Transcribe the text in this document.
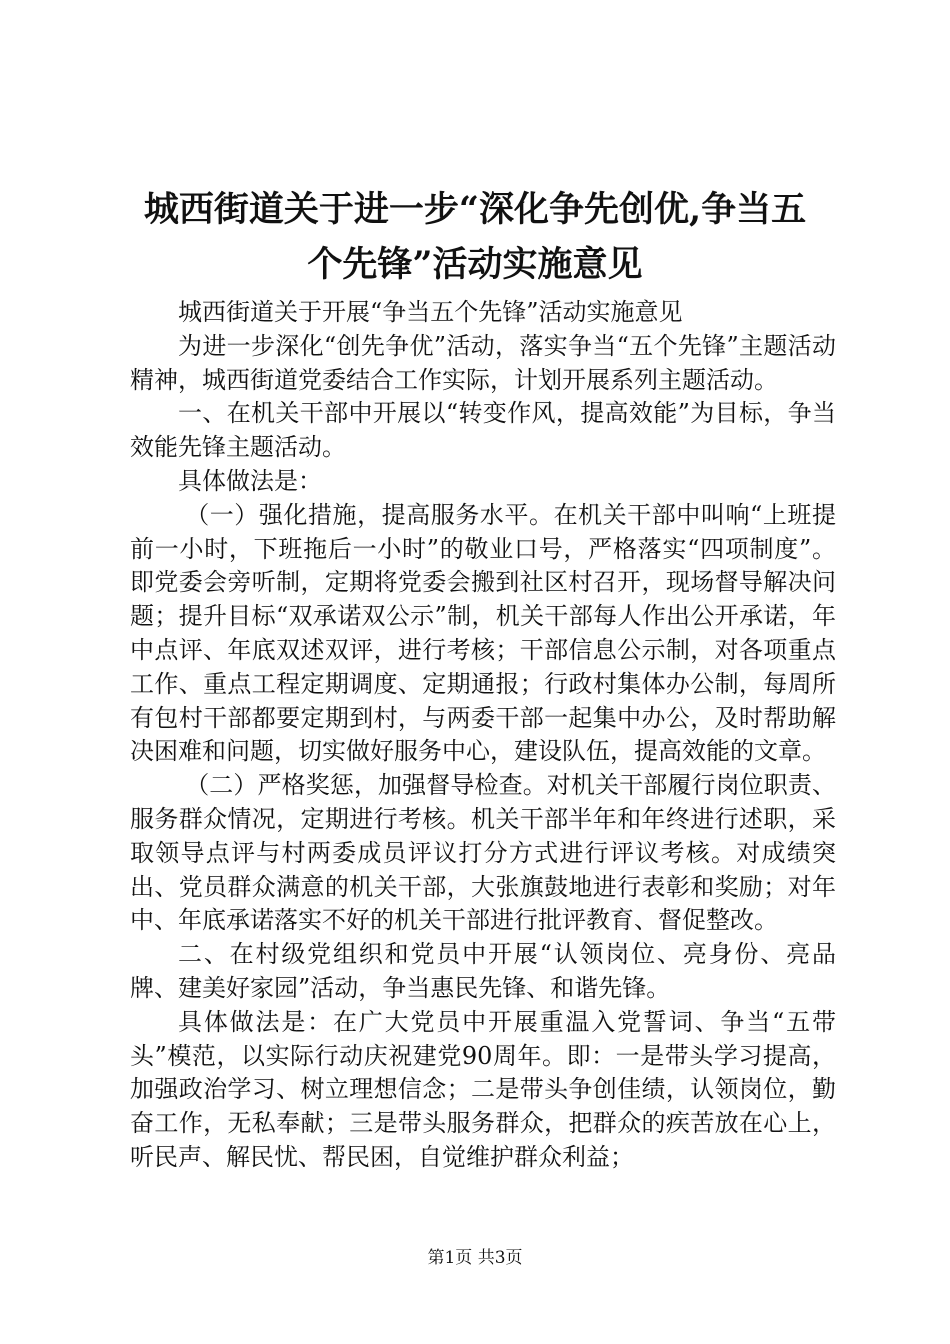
城西街道关于进一步“深化争先创优,争当五
个先锋”活动实施意见

城西街道关于开展“争当五个先锋”活动实施意见

为进一步深化“创先争优”活动，落实争当“五个先锋”主题活动精神，城西街道党委结合工作实际，计划开展系列主题活动。

一、在机关干部中开展以“转变作风，提高效能”为目标，争当效能先锋主题活动。

具体做法是：

（一）强化措施，提高服务水平。在机关干部中叫响“上班提前一小时，下班拖后一小时”的敬业口号，严格落实“四项制度”。即党委会旁听制，定期将党委会搬到社区村召开，现场督导解决问题；提升目标“双承诺双公示”制，机关干部每人作出公开承诺，年中点评、年底双述双评，进行考核；干部信息公示制，对各项重点工作、重点工程定期调度、定期通报；行政村集体办公制，每周所有包村干部都要定期到村，与两委干部一起集中办公，及时帮助解决困难和问题，切实做好服务中心，建设队伍，提高效能的文章。

（二）严格奖惩，加强督导检查。对机关干部履行岗位职责、服务群众情况，定期进行考核。机关干部半年和年终进行述职，采取领导点评与村两委成员评议打分方式进行评议考核。对成绩突出、党员群众满意的机关干部，大张旗鼓地进行表彰和奖励；对年中、年底承诺落实不好的机关干部进行批评教育、督促整改。

二、在村级党组织和党员中开展“认领岗位、亮身份、亮品牌、建美好家园”活动，争当惠民先锋、和谐先锋。

具体做法是：在广大党员中开展重温入党誓词、争当“五带头”模范，以实际行动庆祝建党90周年。即：一是带头学习提高，加强政治学习、树立理想信念；二是带头争创佳绩，认领岗位，勤奋工作，无私奉献；三是带头服务群众，把群众的疾苦放在心上，听民声、解民忧、帮民困，自觉维护群众利益；

第1页 共3页
